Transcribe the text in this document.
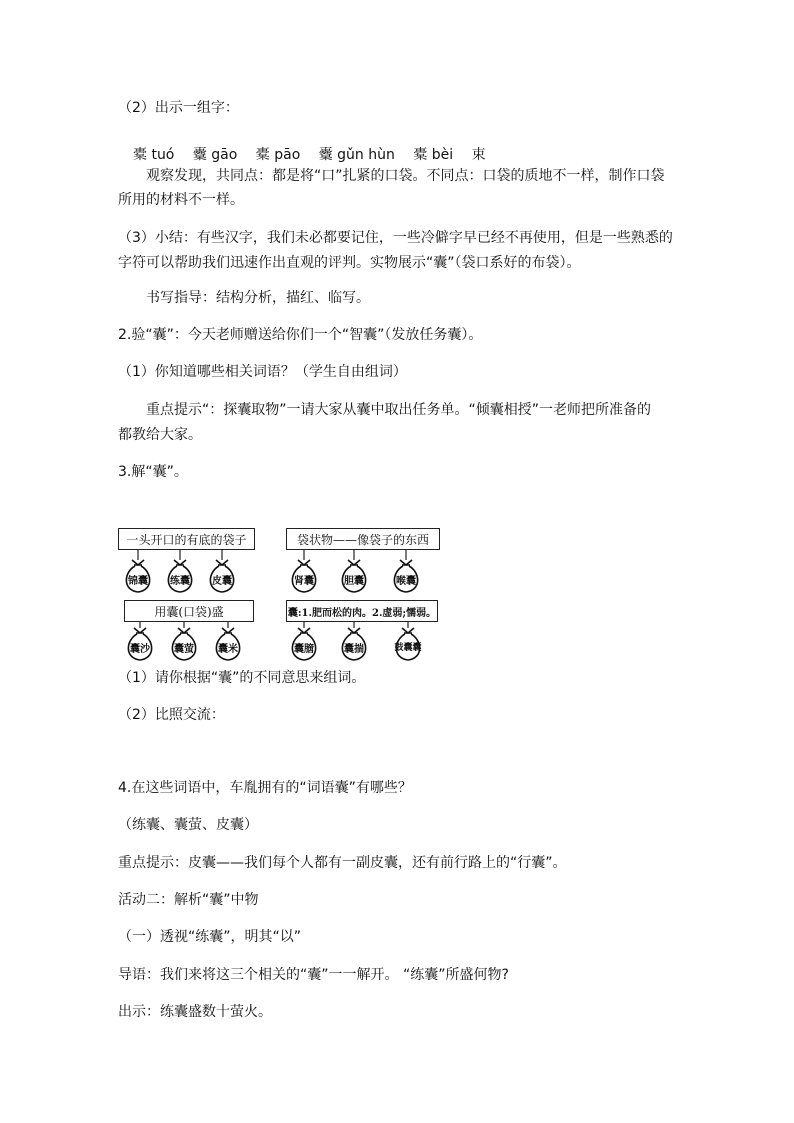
（2）出示一组字：
橐 tuó 櫜 gāo 橐 pāo 櫜 gǔn hùn 橐 bèi 束
观察发现，共同点：都是将“口”扎紧的口袋。不同点：口袋的质地不一样，制作口袋
所用的材料不一样。
（3）小结：有些汉字，我们未必都要记住，一些冷僻字早已经不再使用，但是一些熟悉的
字符可以帮助我们迅速作出直观的评判。实物展示“囊”（袋口系好的布袋）。
书写指导：结构分析，描红、临写。
2.验“囊”：今天老师赠送给你们一个“智囊”（发放任务囊）。
（1）你知道哪些相关词语？（学生自由组词）
重点提示“：探囊取物”一请大家从囊中取出任务单。“倾囊相授”一老师把所准备的
都教给大家。
3.解“囊”。
一头开口的有底的袋子	袋状物——像袋子的东西
用囊(口袋)盛	囊:1.肥而松的肉。2.虚弱;懦弱。
锦囊	练囊	皮囊	肾囊	胆囊	喉囊
囊沙	囊萤	囊米	囊膪	囊揣	鼓囊囊
（1）请你根据“囊”的不同意思来组词。
（2）比照交流：
4.在这些词语中，车胤拥有的“词语囊”有哪些？
（练囊、囊萤、皮囊）
重点提示：皮囊——我们每个人都有一副皮囊，还有前行路上的“行囊”。
活动二：解析“囊”中物
（一）透视“练囊”，明其“以”
导语：我们来将这三个相关的“囊”一一解开。 “练囊”所盛何物?
出示：练囊盛数十萤火。
